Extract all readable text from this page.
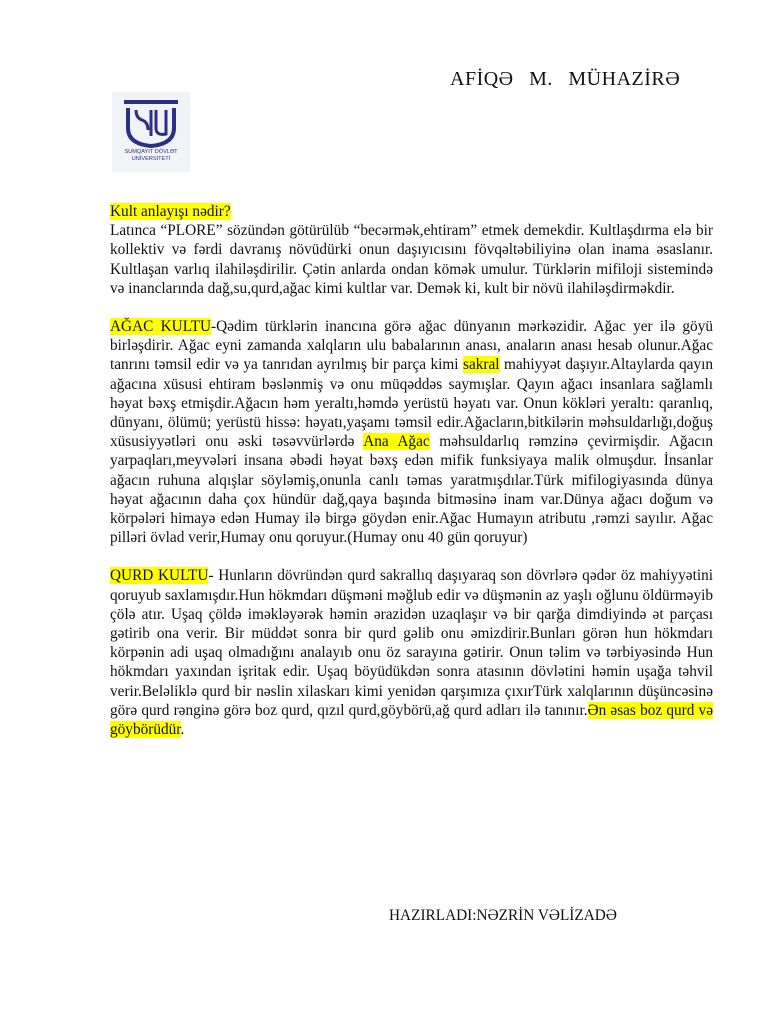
AFİQƏ M. MÜHAZİRƏ
SUMQAYIT DÖVLƏT
UNİVERSİTETİ

Kult anlayışı nədir?

Latınca “PLORE” sözündən götürülüb “becərmək,ehtiram” etmek demekdir. Kultlaşdırma elə bir kollektiv və fərdi davranış növüdürki onun daşıyıcısını fövqəltəbiliyinə olan inama əsaslanır. Kultlaşan varlıq ilahiləşdirilir. Çətin anlarda ondan kömək umulur. Türklərin mifiloji sistemində və inanclarında dağ,su,qurd,ağac kimi kultlar var. Demək ki, kult bir növü ilahiləşdirməkdir.

AĞAC KULTU-Qədim türklərin inancına görə ağac dünyanın mərkəzidir. Ağac yer ilə göyü birləşdirir. Ağac eyni zamanda xalqların ulu babalarının anası, anaların anası hesab olunur.Ağac tanrını təmsil edir və ya tanrıdan ayrılmış bir parça kimi sakral mahiyyət daşıyır.Altaylarda qayın ağacına xüsusi ehtiram bəslənmiş və onu müqəddəs saymışlar. Qayın ağacı insanlara sağlamlı həyat bəxş etmişdir.Ağacın həm yeraltı,həmdə yerüstü həyatı var. Onun kökləri yeraltı: qaranlıq, dünyanı, ölümü; yerüstü hissə: həyatı,yaşamı təmsil edir.Ağacların,bitkilərin məhsuldarlığı,doğuş xüsusiyyətləri onu əski təsəvvürlərdə Ana Ağac məhsuldarlıq rəmzinə çevirmişdir. Ağacın yarpaqları,meyvələri insana əbədi həyat bəxş edən mifik funksiyaya malik olmuşdur. İnsanlar ağacın ruhuna alqışlar söyləmiş,onunla canlı təmas yaratmışdılar.Türk mifilogiyasında dünya həyat ağacının daha çox hündür dağ,qaya başında bitməsinə inam var.Dünya ağacı doğum və körpələri himayə edən Humay ilə birgə göydən enir.Ağac Humayın atributu ,rəmzi sayılır. Ağac pilləri övlad verir,Humay onu qoruyur.(Humay onu 40 gün qoruyur)

QURD KULTU- Hunların dövründən qurd sakrallıq daşıyaraq son dövrlərə qədər öz mahiyyətini qoruyub saxlamışdır.Hun hökmdarı düşməni məğlub edir və düşmənin az yaşlı oğlunu öldürməyib çölə atır. Uşaq çöldə iməkləyərək həmin ərazidən uzaqlaşır və bir qarğa dimdiyində ət parçası gətirib ona verir. Bir müddət sonra bir qurd gəlib onu əmizdirir.Bunları görən hun hökmdarı körpənin adi uşaq olmadığını analayıb onu öz sarayına gətirir. Onun təlim və tərbiyəsində Hun hökmdarı yaxından işritak edir. Uşaq böyüdükdən sonra atasının dövlətini həmin uşağa təhvil verir.Beləliklə qurd bir nəslin xilaskarı kimi yenidən qarşımıza çıxırTürk xalqlarının düşüncəsinə görə qurd rənginə görə boz qurd, qızıl qurd,göybörü,ağ qurd adları ilə tanınır.Ən əsas boz qurd və göybörüdür.

HAZIRLADI:NƏZRİN VƏLİZADƏ
